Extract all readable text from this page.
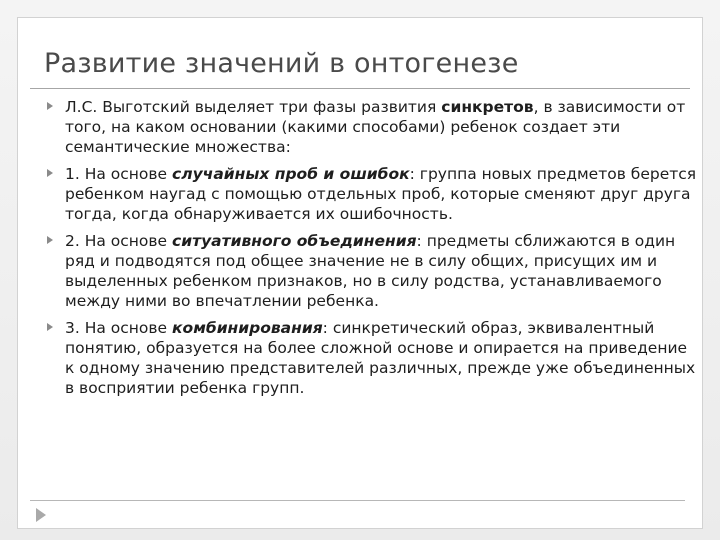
Развитие значений в онтогенезе
Л.С. Выготский выделяет три фазы развития синкретов, в зависимости от того, на каком основании (какими способами) ребенок создает эти семантические множества:
1. На основе случайных проб и ошибок: группа новых предметов берется ребенком наугад с помощью отдельных проб, которые сменяют друг друга тогда, когда обнаруживается их ошибочность.
2. На основе ситуативного объединения: предметы сближаются в один ряд и подводятся под общее значение не в силу общих, присущих им и выделенных ребенком признаков, но в силу родства, устанавливаемого между ними во впечатлении ребенка.
3. На основе комбинирования: синкретический образ, эквивалентный понятию, образуется на более сложной основе и опирается на приведение к одному значению представителей различных, прежде уже объединенных в восприятии ребенка групп.
